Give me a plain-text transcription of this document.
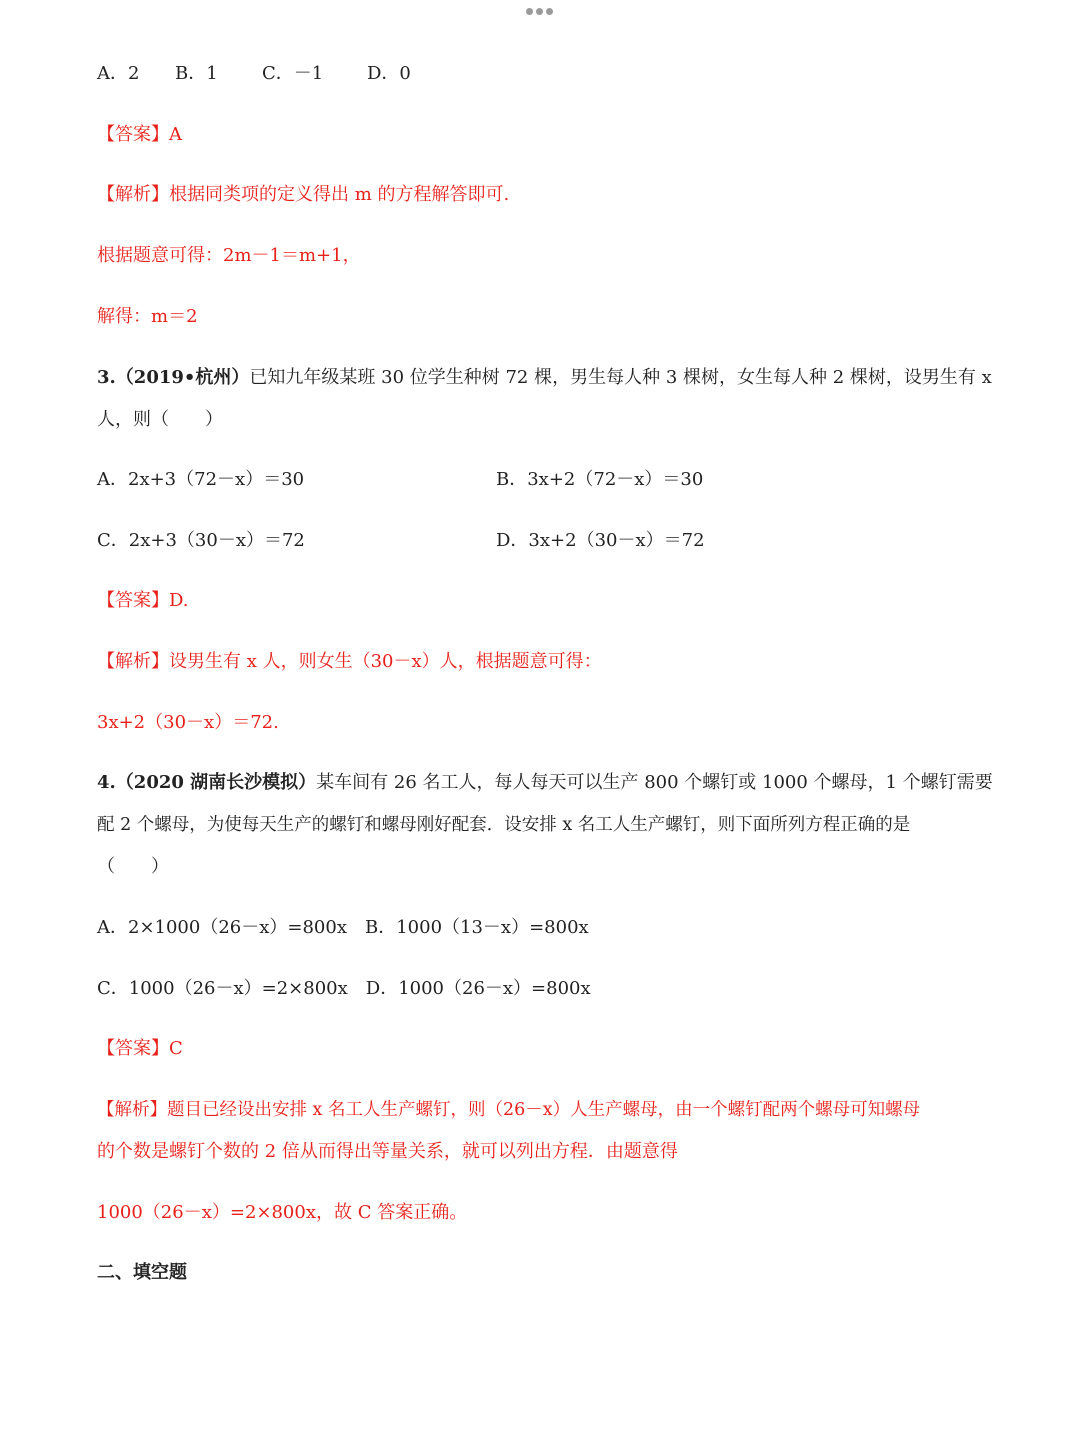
A．2 B．1 C．－1 D．0
【答案】A
【解析】根据同类项的定义得出 m 的方程解答即可.
根据题意可得：2m－1＝m+1，
解得：m＝2
3.（2019•杭州）已知九年级某班 30 位学生种树 72 棵，男生每人种 3 棵树，女生每人种 2 棵树，设男生有 x
人，则（　　）
A．2x+3（72－x）＝30	B．3x+2（72－x）＝30
C．2x+3（30－x）＝72	D．3x+2（30－x）＝72
【答案】D.
【解析】设男生有 x 人，则女生（30－x）人，根据题意可得：
3x+2（30－x）＝72.
4.（2020 湖南长沙模拟）某车间有 26 名工人，每人每天可以生产 800 个螺钉或 1000 个螺母，1 个螺钉需要
配 2 个螺母，为使每天生产的螺钉和螺母刚好配套．设安排 x 名工人生产螺钉，则下面所列方程正确的是
（　　）
A．2×1000（26－x）=800x　B．1000（13－x）=800x
C．1000（26－x）=2×800x　D．1000（26－x）=800x
【答案】C
【解析】题目已经设出安排 x 名工人生产螺钉，则（26－x）人生产螺母，由一个螺钉配两个螺母可知螺母
的个数是螺钉个数的 2 倍从而得出等量关系，就可以列出方程．由题意得
1000（26－x）=2×800x，故 C 答案正确。
二、填空题
